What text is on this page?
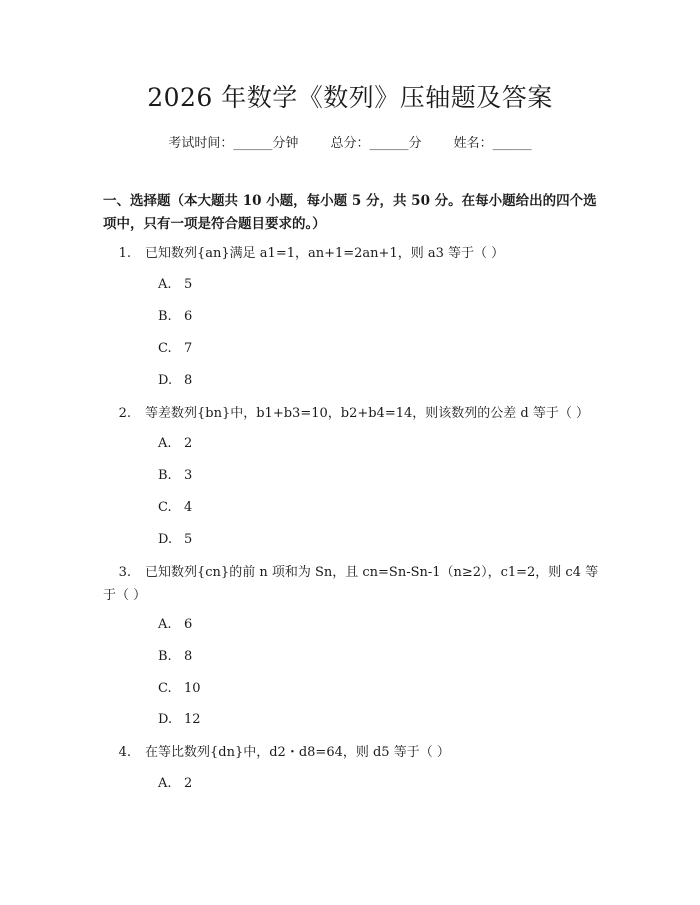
2026 年数学《数列》压轴题及答案
考试时间：______分钟 总分：______分 姓名：______
一、选择题（本大题共 10 小题，每小题 5 分，共 50 分。在每小题给出的四个选项中，只有一项是符合题目要求的。）
1. 已知数列{an}满足 a1=1，an+1=2an+1，则 a3 等于（ ）
A. 5
B. 6
C. 7
D. 8
2. 等差数列{bn}中，b1+b3=10，b2+b4=14，则该数列的公差 d 等于（ ）
A. 2
B. 3
C. 4
D. 5
3. 已知数列{cn}的前 n 项和为 Sn，且 cn=Sn-Sn-1（n≥2），c1=2，则 c4 等于（ ）
A. 6
B. 8
C. 10
D. 12
4. 在等比数列{dn}中，d2・d8=64，则 d5 等于（ ）
A. 2
